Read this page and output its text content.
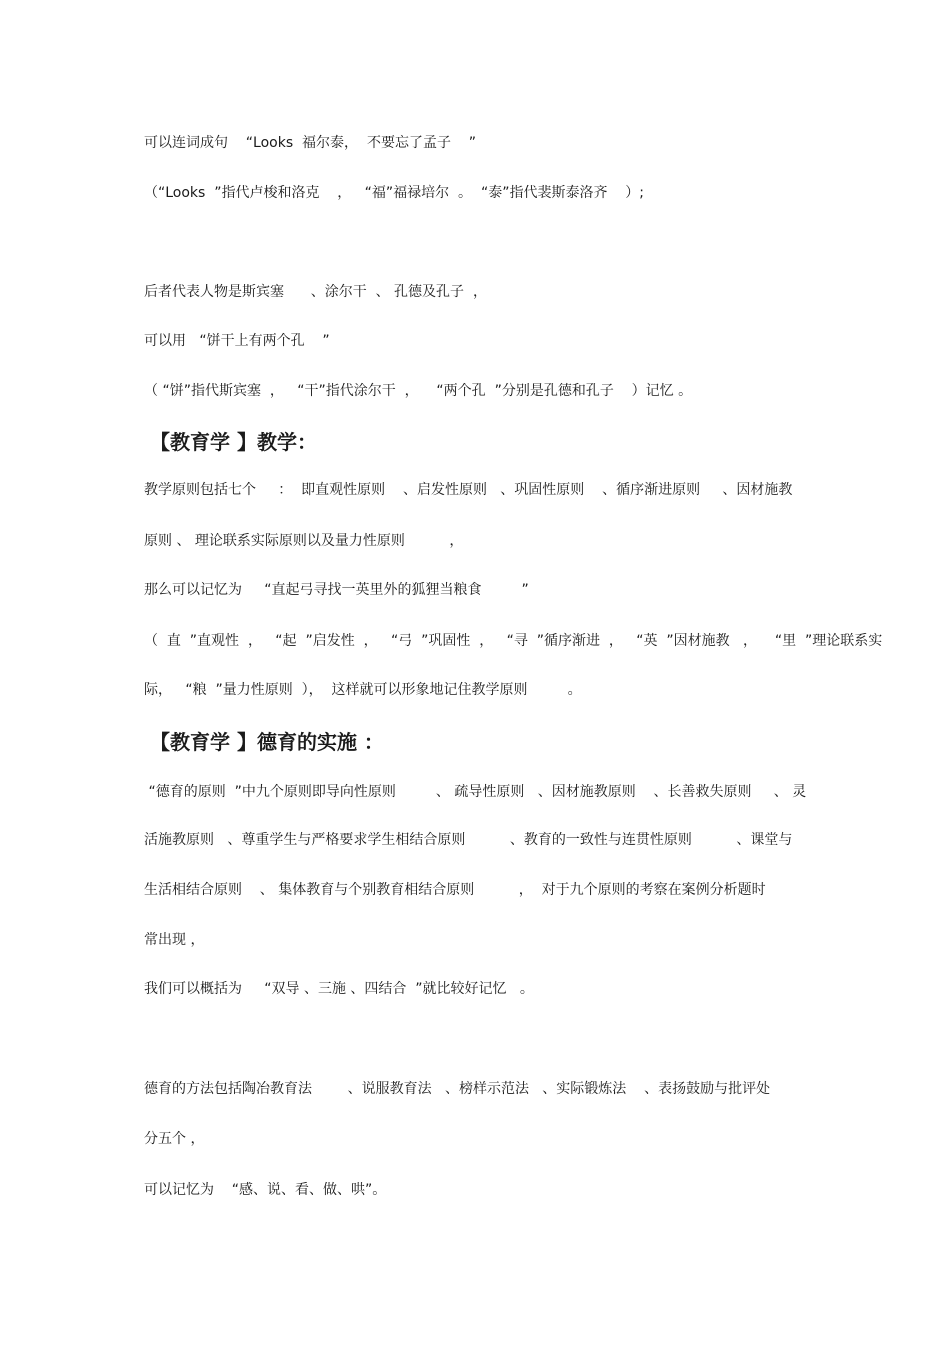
可以连词成句    “Looks  福尔泰，  不要忘了孟子    ”

（“Looks  ”指代卢梭和洛克    ，   “福”福禄培尔  。  “泰”指代裴斯泰洛齐    ）;

后者代表人物是斯宾塞      、涂尔干  、 孔德及孔子  ，

可以用   “饼干上有两个孔    ”

（ “饼”指代斯宾塞  ，   “干”指代涂尔干  ，    “两个孔  ”分别是孔德和孔子    ）记忆 。

【教育学 】教学：

教学原则包括七个     ：  即直观性原则    、启发性原则   、巩固性原则    、循序渐进原则     、因材施教

原则 、 理论联系实际原则以及量力性原则          ，

那么可以记忆为     “直起弓寻找一英里外的狐狸当粮食         ”

（  直  ”直观性  ，   “起  ”启发性  ，   “弓  ”巩固性  ，   “寻  ”循序渐进  ，   “英  ”因材施教   ，    “里  ”理论联系实

际，   “粮  ”量力性原则  ），  这样就可以形象地记住教学原则         。

【教育学 】德育的实施 ：

“德育的原则  ”中九个原则即导向性原则         、 疏导性原则   、因材施教原则    、长善救失原则     、 灵

活施教原则   、尊重学生与严格要求学生相结合原则          、教育的一致性与连贯性原则          、课堂与

生活相结合原则    、 集体教育与个别教育相结合原则          ，  对于九个原则的考察在案例分析题时

常出现 ，

我们可以概括为     “双导 、三施 、四结合  ”就比较好记忆   。

德育的方法包括陶冶教育法        、说服教育法   、榜样示范法   、实际锻炼法    、表扬鼓励与批评处

分五个 ，

可以记忆为    “感、说、看、做、哄”。
